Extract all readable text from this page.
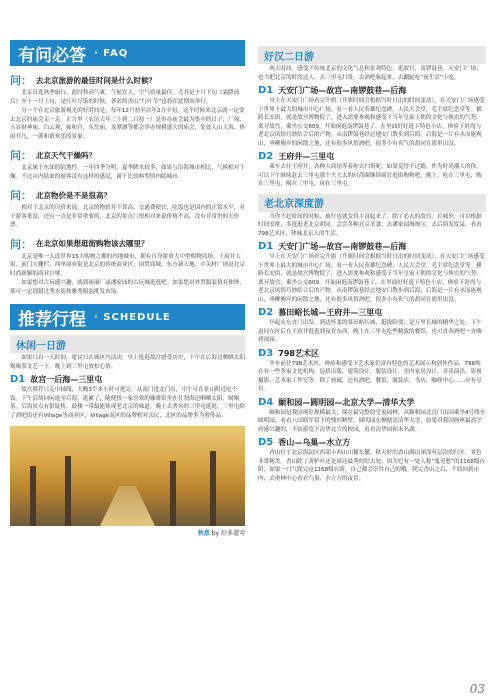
有问必答 · FAQ
问： 去北京旅游的最佳时间是什么时候？

北京首选秋季旅行，此时秋高气爽，气候宜人，空气质量最佳。尤其是十月下旬（霜降前后）至十一月上旬，是红叶尽染的时候，著名的香山“红叶节”也将在此期间举行。

另一个在北京旅游观光的好时间是，每年12月初至次年2月中旬，这个时候来北京就一定要去北京的庙会走一走。正月里（农历大年三十到二月初一）是举办庙会最为集中的日子，厂甸、五显财神庙、白云观、雍和宫、东岳庙、龙潭湖等都会举办规模盛大的庙会，处处人山人海、热闹非凡，一派和谐欢乐的景象。

问： 北京天气干燥吗？

北京属于东部的陆地性，一年四季分明，夏季降水较多，如果与沿海城市相比，气候相对干燥。不过从内陆来的游客没有这样的感觉，属于比较典型的内陆城市。

问： 北京物价是不是很高？

相对于北京的房价来说，北京的物价并不算高，交通费便宜，吃饭也是国内的正常水平，对于游客来说，还有一点是非常重要的，北京的景点门票相对来说价格不高，没有非常贵的天价票。

问： 在北京如果想逛街购物该去哪里？

北京是唯一入选世界15大购物之都的内地城市，拥有自身浓重大中型购物商场，王府井大街、前门大栅栏、西单商业街是北京的传统商业区；国贸商城、东方新天地、中关村广场是北京时尚新颖的商业巨擘。

如果想对古玩感兴趣，就到琉璃厂或潘家园的古玩城逛逛吧。如果您对外贸服装情有独钟，那可一定别错过秀水街和雅秀服装批发市场。

推荐行程 · SCHEDULE
休闲一日游

如果只有一天时间，建议只在城区内活动。早上逛逛故宫感受历史，下午在后海边晒晒太阳喝喝茶文艺一下，晚上到三里屯放松心情。

D1 故宫一后海—三里屯

故宫推荐只走中轴线，大概3个来小时可逛完。从南门进北门出，中午可在景山附近吃个饭。下午沿胡同闲逛至后海，逛累了，随便找一家喜欢的咖啡馆坐在什刹海边晒晒太阳，喝喝茶。后海景点有银锭桥、鼓楼一带最能体现老北京的味道。晚上去著名的三里屯逛逛。三里屯除了酒吧街还有Village等商业区，Village南区的品牌相对亲民，北区的品牌多为奢侈品。

秋意 by 好多遛弯
好汉二日游

两天时间，感受下传统北京的文化气息和景观特色，逛故宫，南锣鼓巷，天安门广场；也当把北京的时尚达人，去三里屯扫货，去酒吧喝起来，去蹦跶吃“夜生活”小吃。

D1 天安门广场—故宫—南锣鼓巷—后海

早上在天安门广场看完升旗（升旗时间会根据当时日出的时间变动），在天安门广场感受下世界上最大的城市中心广场，看一看人民英雄纪念碑，人民大会堂，毛主席纪念堂等。横跨长安街，就是故宫博物院了，进入需要参观和感受下当年皇家王朝的文化与恢宏的气势。离开故宫，乘坐公交609，开始闲逛南锣鼓巷了，在里面好好逛下特色小店，体验下时尚与老北京风情巧妙结合后的产物。从南锣鼓巷经过地安门散步到后海，后海是一片有水而能观山，垂柳掩岸的闲散之地，还有很多风情酒吧，很多小有名气的胡同在那里出没。

D2 王府井—三里屯

乘车去往王府井，各种大商场等着你去扫货呢，如果觉得不过瘾，作为时尚潮人的你，可以下午继续赶去三里屯那个大大太的时尚圈继续疯狂逛街购物吧。晚上，吃在三里屯，购在三里屯，喝在三里屯，玩在三里屯。

老北京深度游

当你不赶时间的时候，旅行也就变得丰富起来了。除了必去的故宫、长城外，可以根据时间安排，多逛逛老北京胡同。尝尝各种北京美食，去潘家园淘淘宝，去后海发发呆，看看798艺术区，体味北京人的生活。

D1 天安门广场—故宫—南锣鼓巷—后海

早上在天安门广场看完升旗（升旗时间会根据当时日出的时间变动），在天安门广场感受下世界上最大的城市中心广场，看一看人民英雄纪念碑，人民大会堂，毛主席纪念堂等。横跨长安街，就是故宫博物院了，进入需要参观和感受下当年皇家王朝的文化与恢宏的气势。离开故宫，乘坐公交609，开始闲逛南锣鼓巷了，在里面好好逛下特色小店，体验下时尚与老北京风情巧妙结合后的产物。从南锣鼓巷经过地安门散步到后海，后海是一片有水而能观山，垂柳掩岸的闲散之地，还有很多风情酒吧，很多小有名气的胡同在那里出没。

D2 慕田峪长城—王府井—三里屯

早起从东直门出发，到达怀柔的慕田峪长城，挺拔险要，是万里长城的精华之处。下午返回东区后在王府井逛逛到夜宵东西，晚上在三里屯吃些精致的餐馆，也可直奔酒吧一直嗨到深夜。

D3 798艺术区

坐车前往798艺术区，体验和感受下艺术家们富有特色的艺术展示和创作作品，798现在有一些多家文化机构，包括出版，建筑设计，服装设计，室内家居设计，音乐演出，影视摄影，艺术家工作室等。除了画廊，还有酒吧，餐馆，服装店，书店，咖啡中心……应有尽有。

D4 颐和园—圆明园—北京大学—清华大学

颐和园是我国现存规模最大，保存最完整的皇家园林。从颐和园北宫门出园乘坐4号线至圆明园，看看八国联军留下的残垣断壁，圆明园东侧便是清华大学，如果对我国两座最高学府感兴趣的，不妨游览下清华北大的校园，看看清华园和未名湖。

D5 香山—乌巢—水立方

香山位于北京海淀区西部小西山山麓东麓，秋天时的香山满山深浅有层次的红叶，景色非常精美。香山除了黄栌叶还是周边最秀的好去处，因为它有一处人称“鬼见愁”的1168级台阶，如果一口气爬完这1168级台阶，自己都会崇拜自己的哦。爬完香山之后，不妨回到市内，去奥林中心看看鸟巢、水立方的夜景。

03
